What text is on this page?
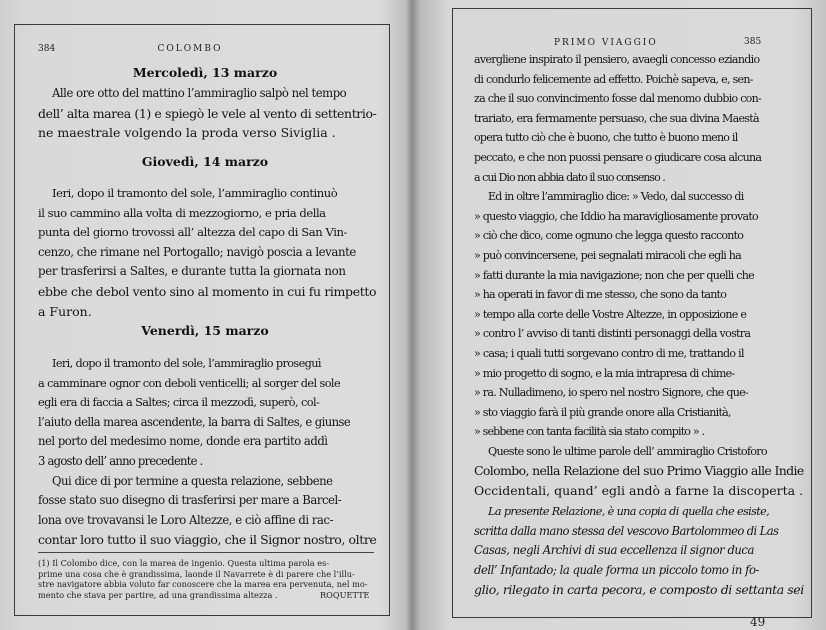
384	COLOMBO
Mercoledì, 13 marzo
Alle ore otto del mattino l’ammiraglio salpò nel tempo
dell’ alta marea (1) e spiegò le vele al vento di settentrio-
ne maestrale volgendo la proda verso Siviglia .
Giovedì, 14 marzo
Ieri, dopo il tramonto del sole, l’ammiraglio continuò
il suo cammino alla volta di mezzogiorno, e pria della
punta del giorno trovossi all’ altezza del capo di San Vin-
cenzo, che rimane nel Portogallo; navigò poscia a levante
per trasferirsi a Saltes, e durante tutta la giornata non
ebbe che debol vento sino al momento in cui fu rimpetto
a Furon.
Venerdì, 15 marzo
Ieri, dopo il tramonto del sole, l’ammiraglio proseguì
a camminare ognor con deboli venticelli; al sorger del sole
egli era di faccia a Saltes; circa il mezzodì, superò, col-
l’aiuto della marea ascendente, la barra di Saltes, e giunse
nel porto del medesimo nome, donde era partito addì
3 agosto dell’ anno precedente .
Qui dice di por termine a questa relazione, sebbene
fosse stato suo disegno di trasferirsi per mare a Barcel-
lona ove trovavansi le Loro Altezze, e ciò affine di rac-
contar loro tutto il suo viaggio, che il Signor nostro, oltre
(1) Il Colombo dice, con la marea de ingenio. Questa ultima parola es-
prime una cosa che è grandissima, laonde il Navarrete è di parere che l’illu-
stre navigatore abbia voluto far conoscere che la marea era pervenuta, nel mo-
mento che stava per partire, ad una grandissima altezza .	ROQUETTE
PRIMO VIAGGIO	385
avergliene inspirato il pensiero, avaegli concesso eziandio
di condurlo felicemente ad effetto. Poichè sapeva, e, sen-
za che il suo convincimento fosse dal menomo dubbio con-
trariato, era fermamente persuaso, che sua divina Maestà
opera tutto ciò che è buono, che tutto è buono meno il
peccato, e che non puossi pensare o giudicare cosa alcuna
a cui Dio non abbia dato il suo consenso .
Ed in oltre l’ammiraglio dice: » Vedo, dal successo di
» questo viaggio, che Iddio ha maravigliosamente provato
» ciò che dico, come ognuno che legga questo racconto
» può convincersene, pei segnalati miracoli che egli ha
» fatti durante la mia navigazione; non che per quelli che
» ha operati in favor di me stesso, che sono da tanto
» tempo alla corte delle Vostre Altezze, in opposizione e
» contro l’ avviso di tanti distinti personaggi della vostra
» casa; i quali tutti sorgevano contro di me, trattando il
» mio progetto di sogno, e la mia intrapresa di chime-
» ra. Nulladimeno, io spero nel nostro Signore, che que-
» sto viaggio farà il più grande onore alla Cristianità,
» sebbene con tanta facilità sia stato compito » .
Queste sono le ultime parole dell’ ammiraglio Cristoforo
Colombo, nella Relazione del suo Primo Viaggio alle Indie
Occidentali, quand’ egli andò a farne la discoperta .
La presente Relazione, è una copia di quella che esiste,
scritta dalla mano stessa del vescovo Bartolommeo di Las
Casas, negli Archivi di sua eccellenza il signor duca
dell’ Infantado; la quale forma un piccolo tomo in fo-
glio, rilegato in carta pecora, e composto di settanta sei
49
